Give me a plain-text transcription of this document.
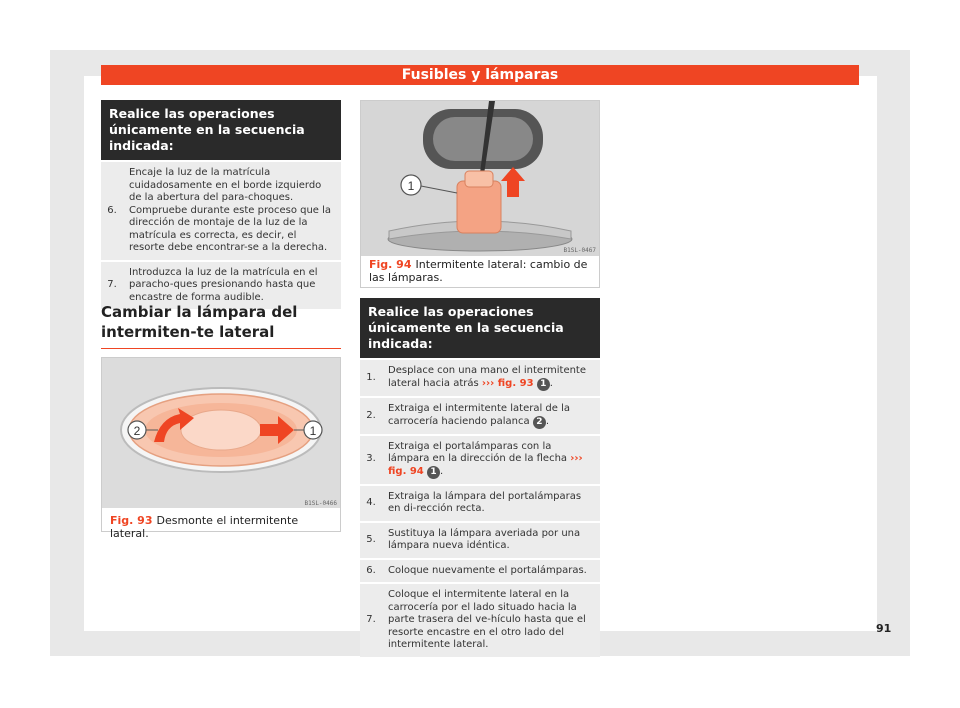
Fusibles y lámparas
Realice las operaciones únicamente en la secuencia indicada:
6.	Encaje la luz de la matrícula cuidadosamente en el borde izquierdo de la abertura del para-choques. Compruebe durante este proceso que la dirección de montaje de la luz de la matrícula es correcta, es decir, el resorte debe encontrar-se a la derecha.
7.	Introduzca la luz de la matrícula en el paracho-ques presionando hasta que encastre de forma audible.
Cambiar la lámpara del intermiten-te lateral
2	1
B1SL-0466
Fig. 93 Desmonte el intermitente lateral.
1
B1SL-0467
Fig. 94 Intermitente lateral: cambio de las lámparas.
Realice las operaciones únicamente en la secuencia indicada:
1.	Desplace con una mano el intermitente lateral hacia atrás ››› fig. 93 1 .
2.	Extraiga el intermitente lateral de la carrocería haciendo palanca 2 .
3.	Extraiga el portalámparas con la lámpara en la dirección de la flecha ››› fig. 94 1 .
4.	Extraiga la lámpara del portalámparas en di-rección recta.
5.	Sustituya la lámpara averiada por una lámpara nueva idéntica.
6.	Coloque nuevamente el portalámparas.
7.	Coloque el intermitente lateral en la carrocería por el lado situado hacia la parte trasera del ve-hículo hasta que el resorte encastre en el otro lado del intermitente lateral.
91
